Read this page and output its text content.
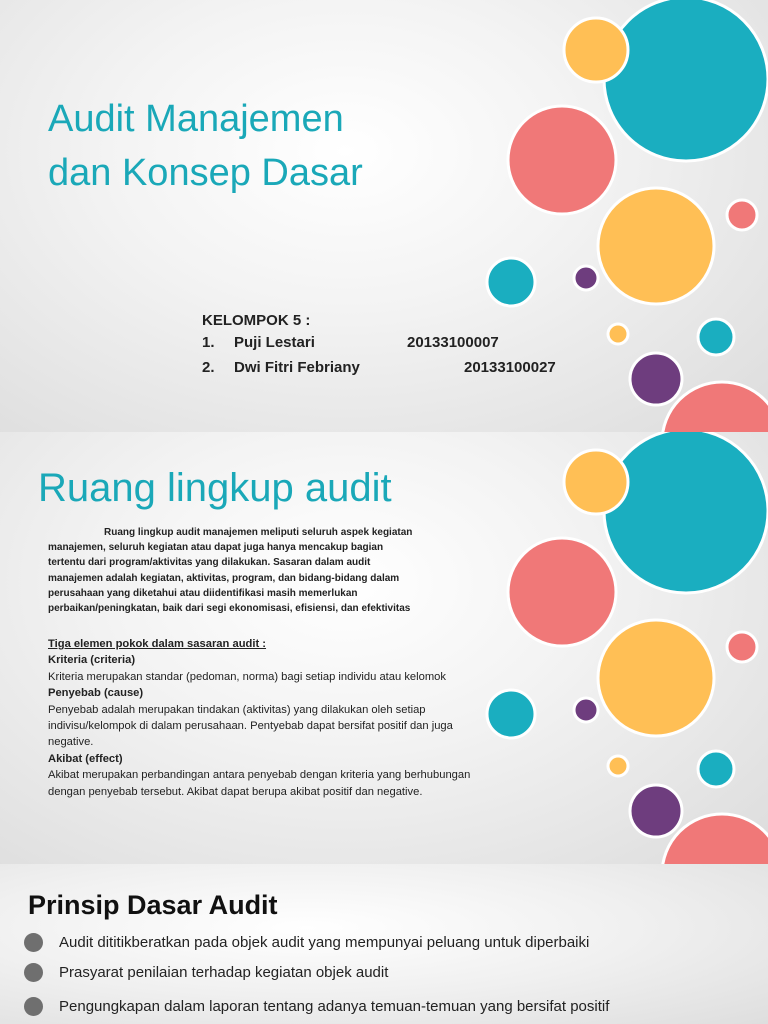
Audit Manajemen
dan Konsep Dasar
KELOMPOK 5 :
1. Puji Lestari	20133100007
2. Dwi Fitri Febriany	20133100027
Ruang lingkup audit
Ruang lingkup audit manajemen meliputi seluruh aspek kegiatan
manajemen, seluruh kegiatan atau dapat juga hanya mencakup bagian
tertentu dari program/aktivitas yang dilakukan. Sasaran dalam audit
manajemen adalah kegiatan, aktivitas, program, dan bidang-bidang dalam
perusahaan yang diketahui atau diidentifikasi masih memerlukan
perbaikan/peningkatan, baik dari segi ekonomisasi, efisiensi, dan efektivitas
Tiga elemen pokok dalam sasaran audit :
Kriteria (criteria)
Kriteria merupakan standar (pedoman, norma) bagi setiap individu atau kelomok
Penyebab (cause)
Penyebab adalah merupakan tindakan (aktivitas) yang dilakukan oleh setiap
indivisu/kelompok di dalam perusahaan. Pentyebab dapat bersifat positif dan juga
negative.
Akibat (effect)
Akibat merupakan perbandingan antara penyebab dengan kriteria yang berhubungan
dengan penyebab tersebut. Akibat dapat berupa akibat positif dan negative.
Prinsip Dasar Audit
Audit dititikberatkan pada objek audit yang mempunyai peluang untuk diperbaiki
Prasyarat penilaian terhadap kegiatan objek audit
Pengungkapan dalam laporan tentang adanya temuan-temuan yang bersifat positif
